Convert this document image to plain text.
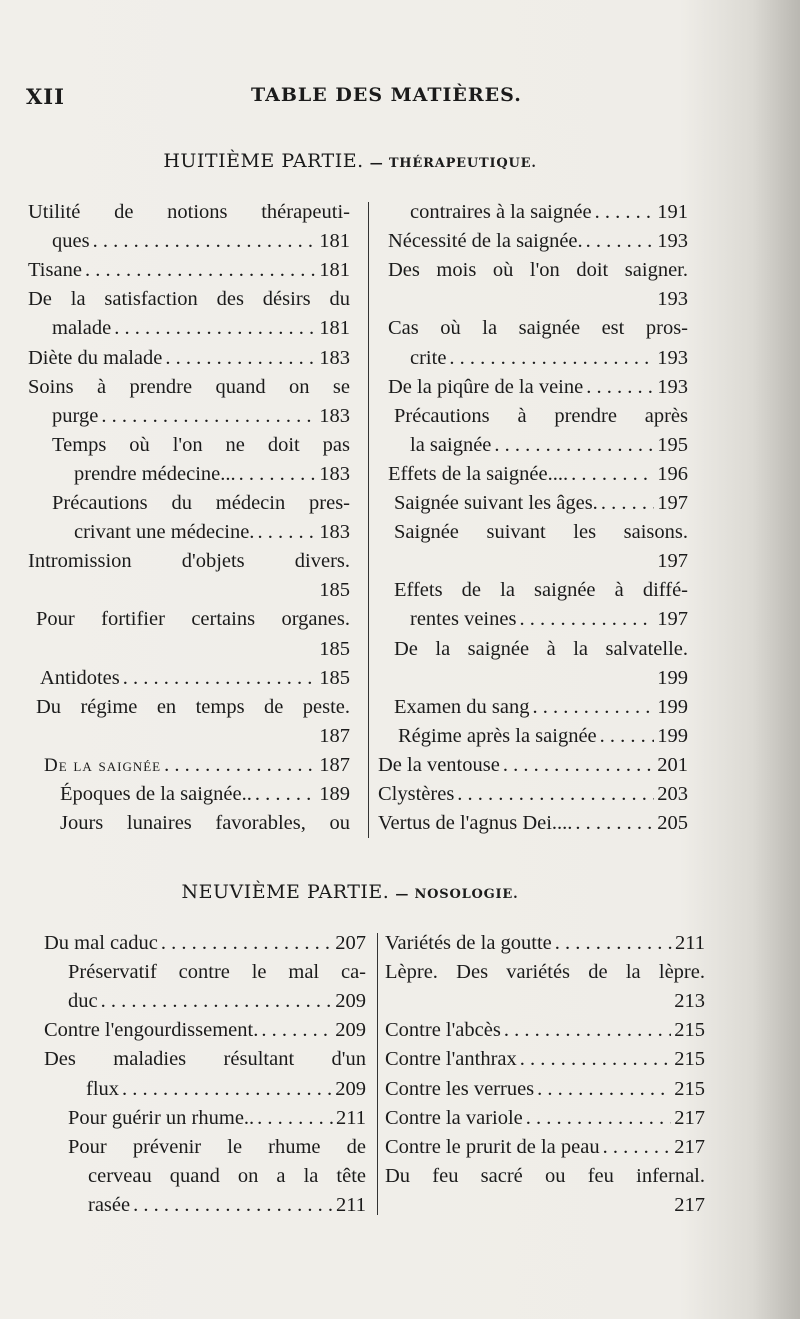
XII	TABLE DES MATIÈRES.
HUITIÈME PARTIE. — THÉRAPEUTIQUE.
Utilité de notions thérapeuti-
ques . . .	181
Tisane . . .	181
De la satisfaction des désirs du
malade . . .	181
Diète du malade . . .	183
Soins à prendre quand on se
purge . . .	183
Temps où l'on ne doit pas
prendre médecine... . . .	183
Précautions du médecin pres-
crivant une médecine. . . .	183
Intromission d'objets divers.
185
Pour fortifier certains organes.
185
Antidotes . . .	185
Du régime en temps de peste.
187
De la saignée . . .	187
Époques de la saignée.. . . .	189
Jours lunaires favorables, ou
contraires à la saignée . . .	191
Nécessité de la saignée. . . .	193
Des mois où l'on doit saigner.
193
Cas où la saignée est pros-
crite . . .	193
De la piqûre de la veine . . .	193
Précautions à prendre après
la saignée . . .	195
Effets de la saignée.... . . .	196
Saignée suivant les âges. . . .	197
Saignée suivant les saisons.
197
Effets de la saignée à diffé-
rentes veines . . .	197
De la saignée à la salvatelle.
199
Examen du sang . . .	199
Régime après la saignée . . .	199
De la ventouse . . .	201
Clystères . . .	203
Vertus de l'agnus Dei.... . . .	205
NEUVIÈME PARTIE. — NOSOLOGIE.
Du mal caduc . . .	207
Préservatif contre le mal ca-
duc . . .	209
Contre l'engourdissement. . . .	209
Des maladies résultant d'un
flux . . .	209
Pour guérir un rhume.. . . .	211
Pour prévenir le rhume de
cerveau quand on a la tête
rasée . . .	211
Variétés de la goutte . . .	211
Lèpre. Des variétés de la lèpre.
213
Contre l'abcès . . .	215
Contre l'anthrax . . .	215
Contre les verrues . . .	215
Contre la variole . . .	217
Contre le prurit de la peau . . .	217
Du feu sacré ou feu infernal.
217
